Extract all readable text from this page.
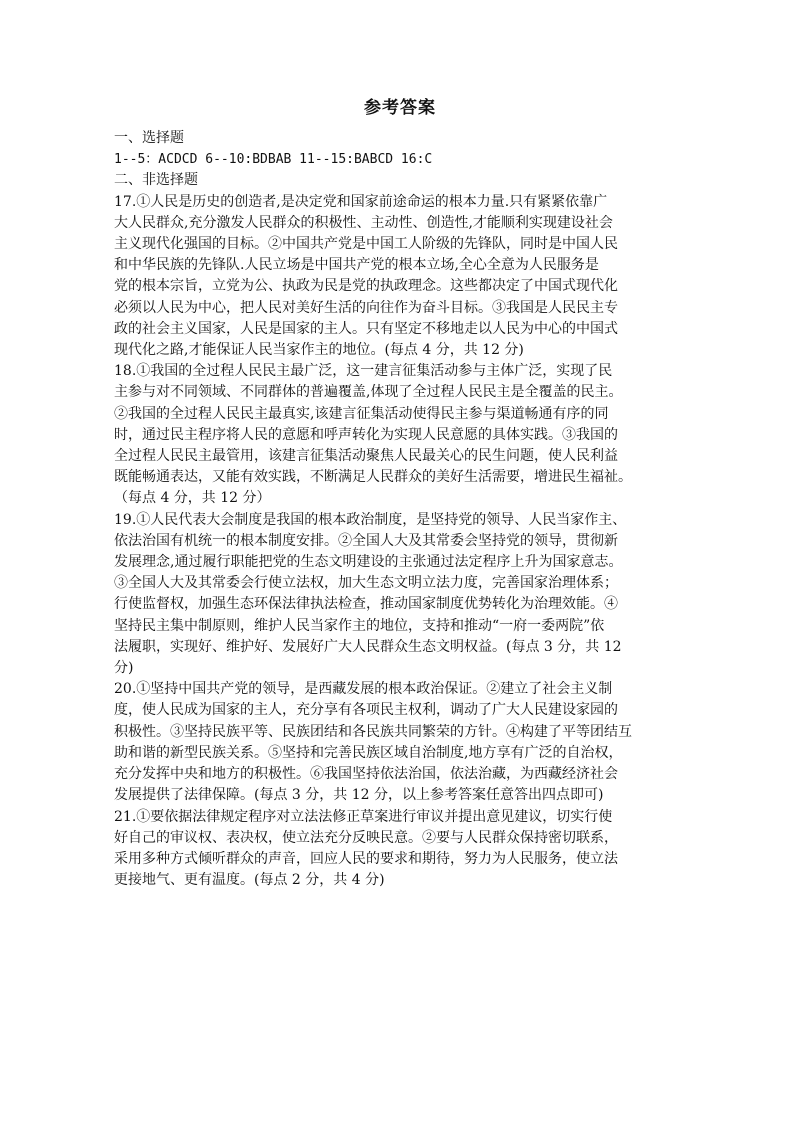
参考答案
一、选择题
1--5：ACDCD 6--10:BDBAB 11--15:BABCD 16:C
二、非选择题
17.①人民是历史的创造者,是决定党和国家前途命运的根本力量.只有紧紧依靠广
大人民群众,充分激发人民群众的积极性、主动性、创造性,才能顺利实现建设社会
主义现代化强国的目标。②中国共产党是中国工人阶级的先锋队，同时是中国人民
和中华民族的先锋队.人民立场是中国共产党的根本立场,全心全意为人民服务是
党的根本宗旨，立党为公、执政为民是党的执政理念。这些都决定了中国式现代化
必须以人民为中心，把人民对美好生活的向往作为奋斗目标。③我国是人民民主专
政的社会主义国家，人民是国家的主人。只有坚定不移地走以人民为中心的中国式
现代化之路,才能保证人民当家作主的地位。(每点 4 分，共 12 分)
18.①我国的全过程人民民主最广泛，这一建言征集活动参与主体广泛，实现了民
主参与对不同领域、不同群体的普遍覆盖,体现了全过程人民民主是全覆盖的民主。
②我国的全过程人民民主最真实,该建言征集活动使得民主参与渠道畅通有序的同
时，通过民主程序将人民的意愿和呼声转化为实现人民意愿的具体实践。③我国的
全过程人民民主最管用，该建言征集活动聚焦人民最关心的民生问题，使人民利益
既能畅通表达，又能有效实践，不断满足人民群众的美好生活需要，增进民生福祉。
（每点 4 分，共 12 分）
19.①人民代表大会制度是我国的根本政治制度，是坚持党的领导、人民当家作主、
依法治国有机统一的根本制度安排。②全国人大及其常委会坚持党的领导，贯彻新
发展理念,通过履行职能把党的生态文明建设的主张通过法定程序上升为国家意志。
③全国人大及其常委会行使立法权，加大生态文明立法力度，完善国家治理体系；
行使监督权，加强生态环保法律执法检查，推动国家制度优势转化为治理效能。④
坚持民主集中制原则，维护人民当家作主的地位，支持和推动“一府一委两院”依
法履职，实现好、维护好、发展好广大人民群众生态文明权益。(每点 3 分，共 12
分)
20.①坚持中国共产党的领导，是西藏发展的根本政治保证。②建立了社会主义制
度，使人民成为国家的主人，充分享有各项民主权利，调动了广大人民建设家园的
积极性。③坚持民族平等、民族团结和各民族共同繁荣的方针。④构建了平等团结互
助和谐的新型民族关系。⑤坚持和完善民族区域自治制度,地方享有广泛的自治权，
充分发挥中央和地方的积极性。⑥我国坚持依法治国，依法治藏，为西藏经济社会
发展提供了法律保障。(每点 3 分，共 12 分，以上参考答案任意答出四点即可)
21.①要依据法律规定程序对立法法修正草案进行审议并提出意见建议，切实行使
好自己的审议权、表决权，使立法充分反映民意。②要与人民群众保持密切联系，
采用多种方式倾听群众的声音，回应人民的要求和期待，努力为人民服务，使立法
更接地气、更有温度。(每点 2 分，共 4 分)
